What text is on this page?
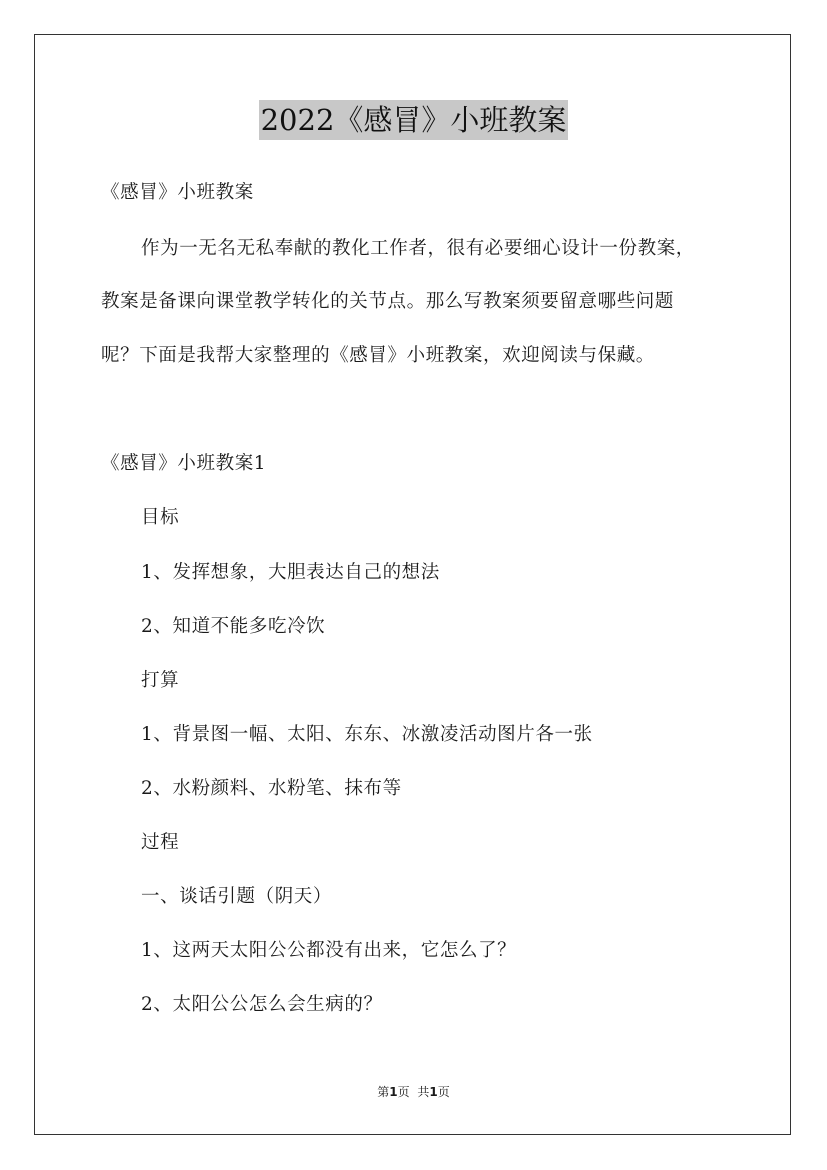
2022《感冒》小班教案
《感冒》小班教案
作为一无名无私奉献的教化工作者，很有必要细心设计一份教案，
教案是备课向课堂教学转化的关节点。那么写教案须要留意哪些问题
呢？下面是我帮大家整理的《感冒》小班教案，欢迎阅读与保藏。
《感冒》小班教案1
目标
1、发挥想象，大胆表达自己的想法
2、知道不能多吃冷饮
打算
1、背景图一幅、太阳、东东、冰激凌活动图片各一张
2、水粉颜料、水粉笔、抹布等
过程
一、谈话引题（阴天）
1、这两天太阳公公都没有出来，它怎么了？
2、太阳公公怎么会生病的？
第1页 共1页
